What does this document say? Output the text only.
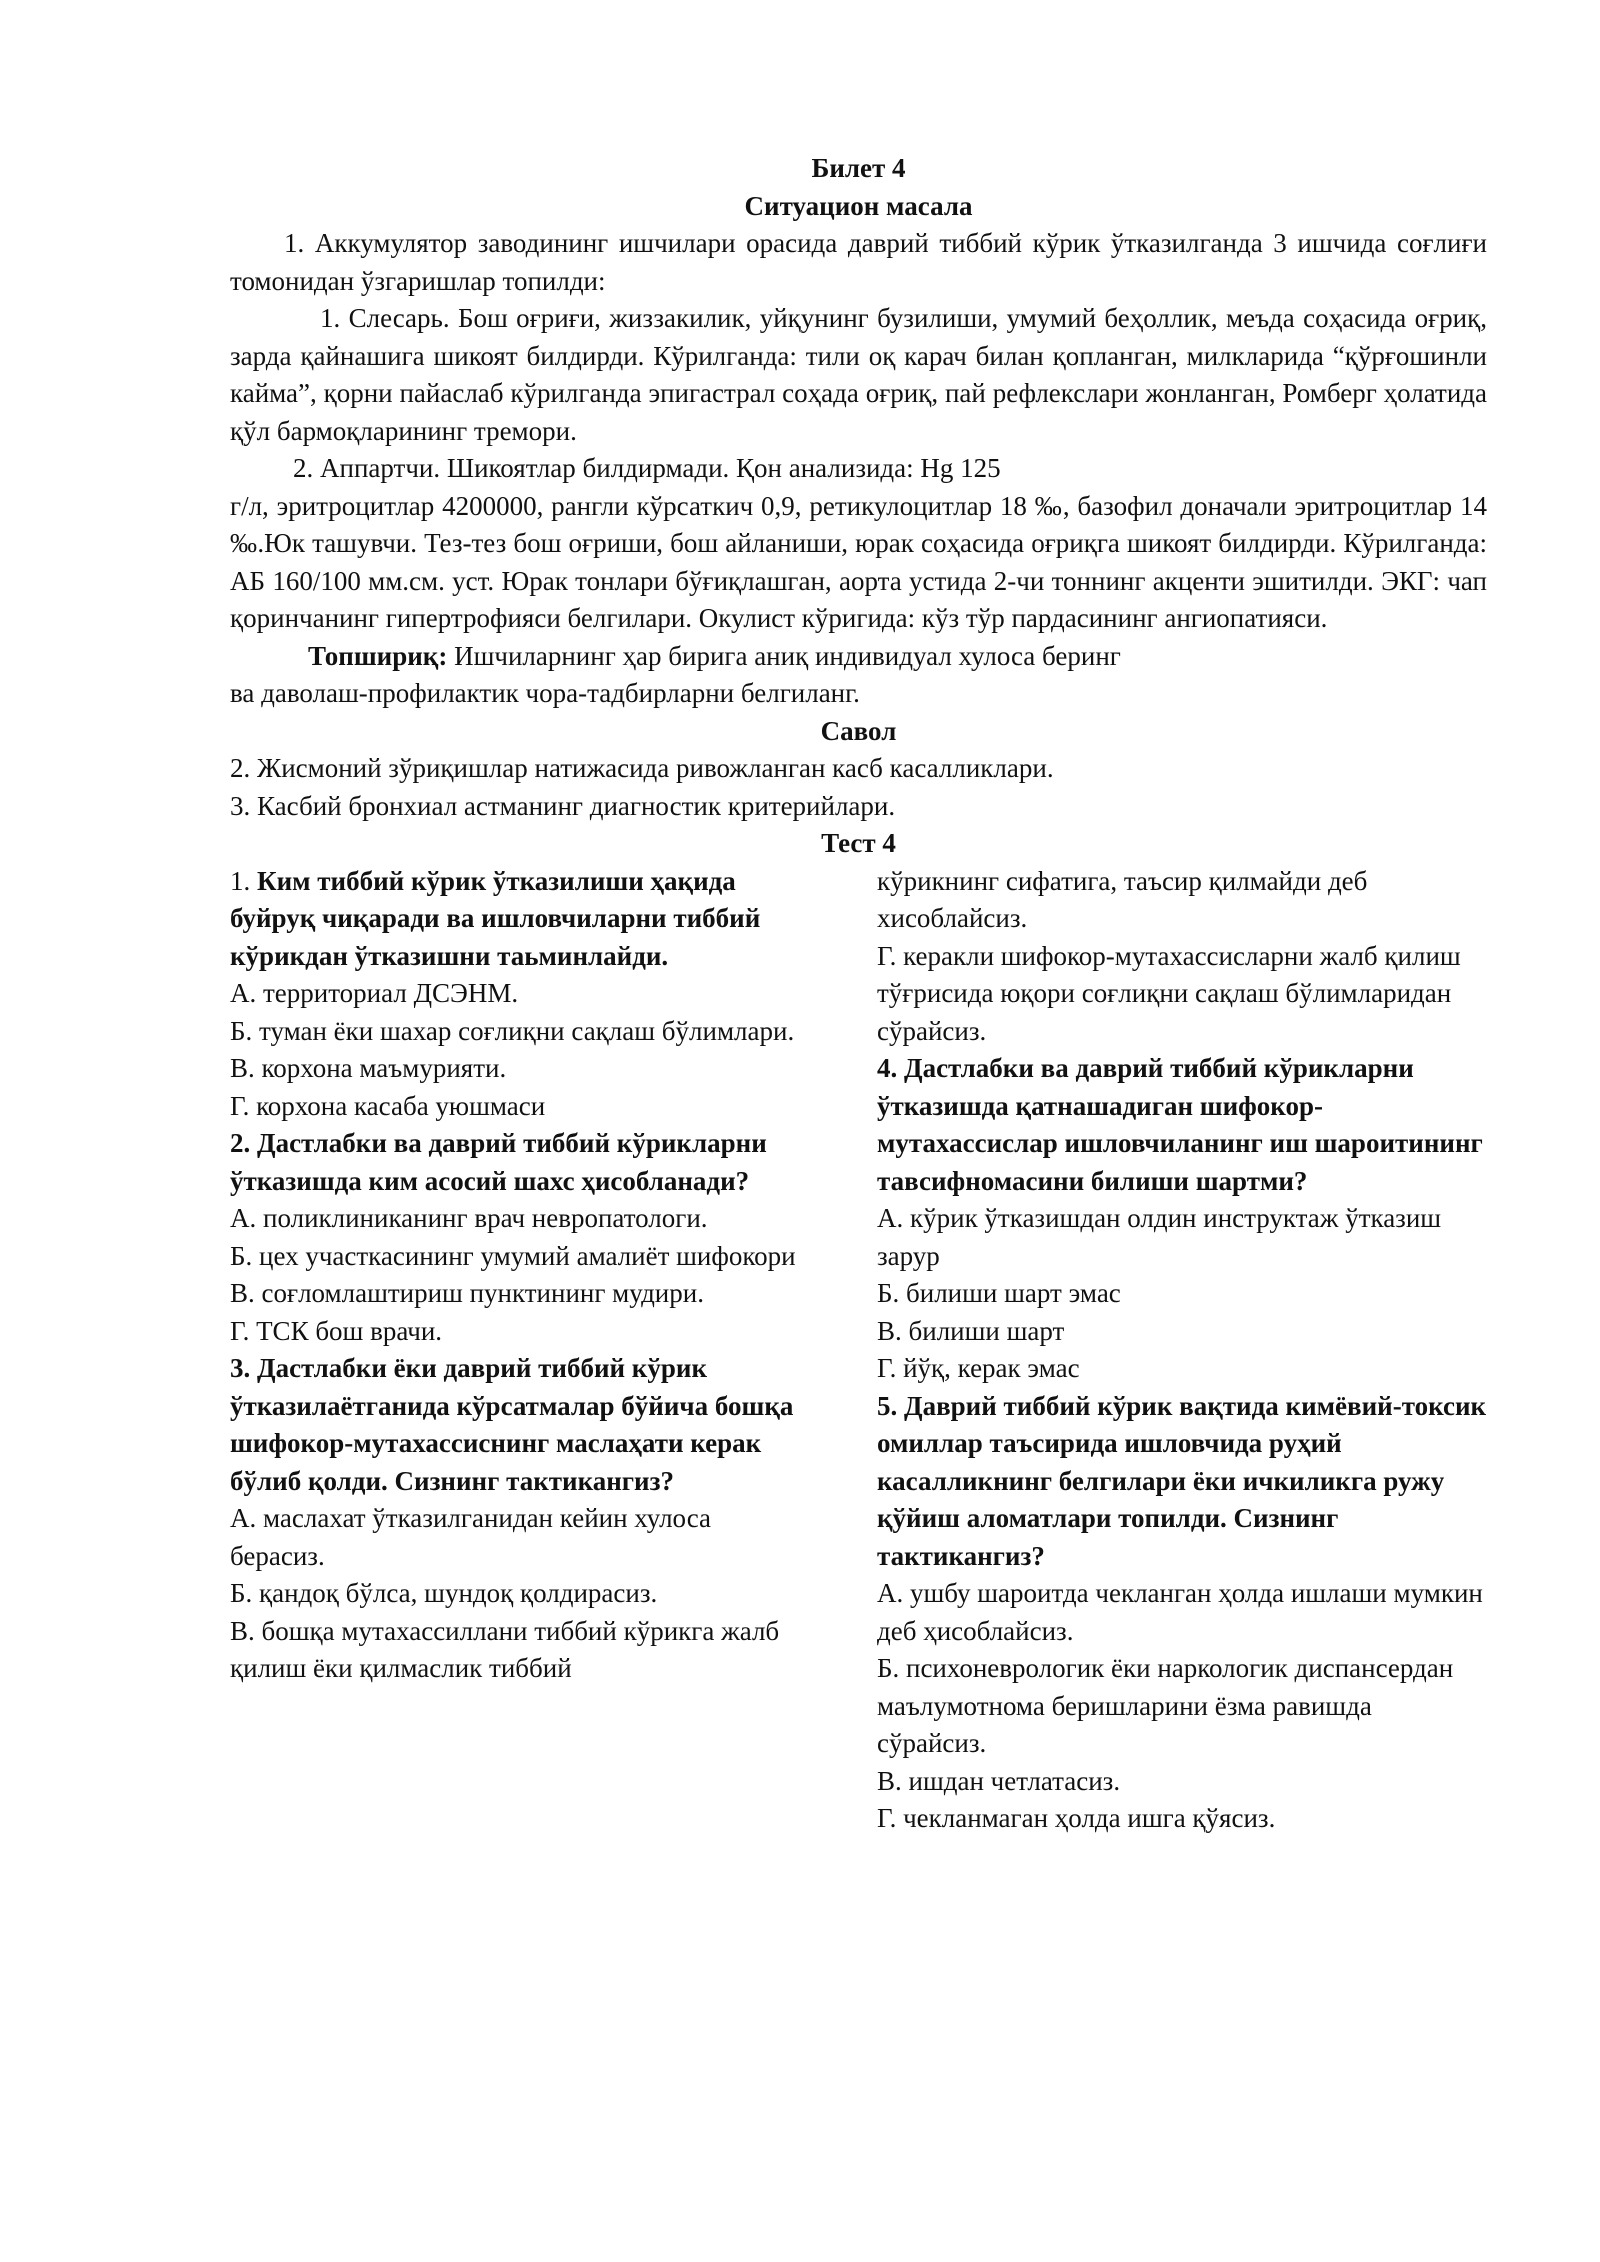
Билет 4

Ситуацион масала

1. Аккумулятор заводининг ишчилари орасида даврий тиббий кўрик ўтказилганда 3 ишчида соғлиғи томонидан ўзгаришлар топилди:

1. Слесарь. Бош оғриғи, жиззакилик, уйқунинг бузилиши, умумий беҳоллик, меъда соҳасида оғриқ, зарда қайнашига шикоят билдирди. Кўрилганда: тили оқ карач билан қопланган, милкларида “қўрғошинли кайма”, қорни пайаслаб кўрилганда эпигастрал соҳада оғриқ, пай рефлекслари жонланган, Ромберг ҳолатида қўл бармоқларининг тремори.

2. Аппартчи. Шикоятлар билдирмади. Қон анализида: Hg 125

г/л, эритроцитлар 4200000, рангли кўрсаткич 0,9, ретикулоцитлар 18 ‰, базофил доначали эритроцитлар 14 ‰.Юк ташувчи. Тез-тез бош оғриши, бош айланиши, юрак соҳасида оғриқга шикоят билдирди. Кўрилганда: АБ 160/100 мм.см. уст. Юрак тонлари бўғиқлашган, аорта устида 2-чи тоннинг акценти эшитилди. ЭКГ: чап қоринчанинг гипертрофияси белгилари. Окулист кўригида: кўз тўр пардасининг ангиопатияси.

Топшириқ: Ишчиларнинг ҳар бирига аниқ индивидуал хулоса беринг

ва даволаш-профилактик чора-тадбирларни белгиланг.

Савол

2. Жисмоний зўриқишлар натижасида ривожланган касб касалликлари.

3. Касбий бронхиал астманинг диагностик критерийлари.

Тест 4

1. Ким тиббий кўрик ўтказилиши ҳақида буйруқ чиқаради ва ишловчиларни тиббий кўрикдан ўтказишни таьминлайди.

А. территориал ДСЭНМ.

Б. туман ёки шахар соғлиқни сақлаш бўлимлари.

В. корхона маъмурияти.

Г. корхона касаба уюшмаси

2. Дастлабки ва даврий тиббий кўрикларни ўтказишда ким асосий шахс ҳисобланади?

А. поликлиниканинг врач невропатологи.

Б. цех участкасининг умумий амалиёт шифокори

В. соғломлаштириш пунктининг мудири.

Г. ТСК бош врачи.

3. Дастлабки ёки даврий тиббий кўрик ўтказилаётганида кўрсатмалар бўйича бошқа шифокор-мутахассиснинг маслаҳати керак бўлиб қолди. Сизнинг тактикангиз?

А. маслахат ўтказилганидан кейин хулоса берасиз.

Б. қандоқ бўлса, шундоқ қолдирасиз.

В. бошқа мутахассиллани тиббий кўрикга жалб қилиш ёки қилмаслик тиббий

кўрикнинг сифатига, таъсир қилмайди деб хисоблайсиз.

Г. керакли шифокор-мутахассисларни жалб қилиш тўғрисида юқори соғлиқни сақлаш бўлимларидан сўрайсиз.

4. Дастлабки ва даврий тиббий кўрикларни ўтказишда қатнашадиган шифокор-мутахассислар ишловчиланинг иш шароитининг тавсифномасини билиши шартми?

А. кўрик ўтказишдан олдин инструктаж ўтказиш зарур

Б. билиши шарт эмас

В. билиши шарт

Г. йўқ, керак эмас

5. Даврий тиббий кўрик вақтида кимёвий-токсик омиллар таъсирида ишловчида руҳий касалликнинг белгилари ёки ичкиликга ружу қўйиш аломатлари топилди. Сизнинг тактикангиз?

А. ушбу шароитда чекланган ҳолда ишлаши мумкин деб ҳисоблайсиз.

Б. психоневрологик ёки наркологик диспансердан маълумотнома беришларини ёзма равишда сўрайсиз.

В. ишдан четлатасиз.

Г. чекланмаган ҳолда ишга қўясиз.
